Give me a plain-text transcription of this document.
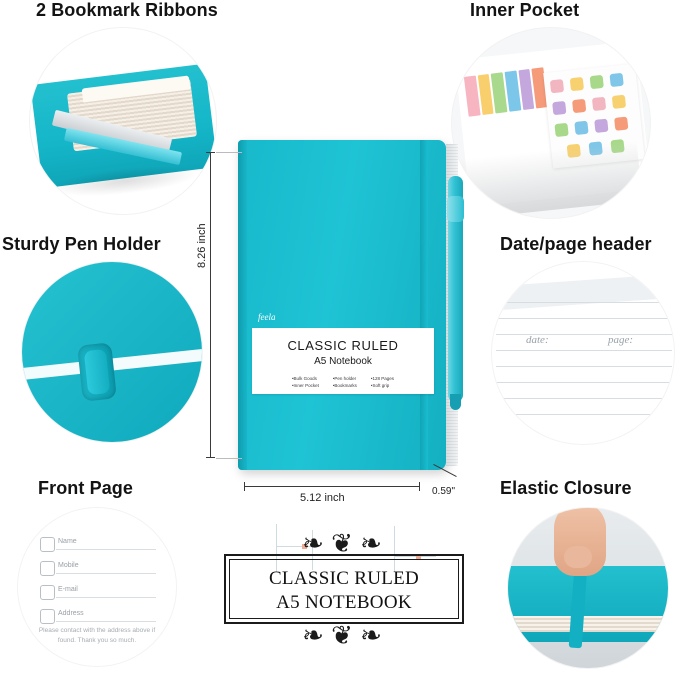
2 Bookmark Ribbons	Inner Pocket
Sturdy Pen Holder	Date/page header
Front Page	Elastic Closure
date:	page:
Name
Mobile
E-mail
Address
Please contact with the address above if found. Thank you so much.
feela
CLASSIC RULED
A5 Notebook
•Bulk Goods
•Inner Pocket
•Pen holder
•Bookmarks
•128 Pages
•Soft grip
8.26 inch
5.12 inch
0.59"
❧ ❦ ❧
CLASSIC RULED
A5 NOTEBOOK
❧ ❦ ❧
